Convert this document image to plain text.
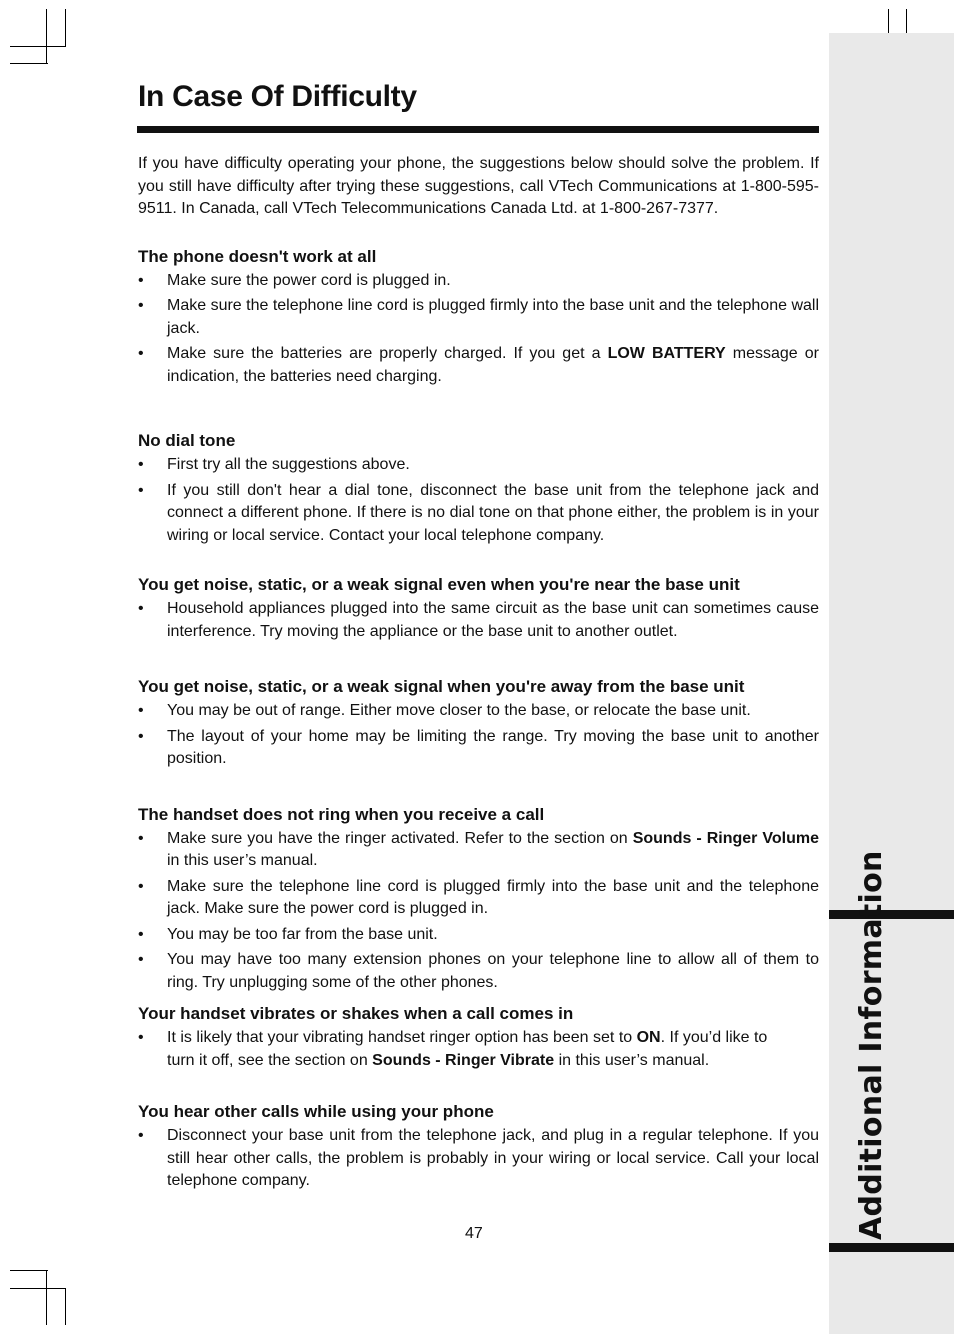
Additional Information
In Case Of Difficulty

If you have difficulty operating your phone, the suggestions below should solve the problem. If you still have difficulty after trying these suggestions, call VTech Communications at 1-800-595-9511. In Canada, call VTech Telecommunications Canada Ltd. at 1-800-267-7377.

The phone doesn't work at all
• Make sure the power cord is plugged in.
• Make sure the telephone line cord is plugged firmly into the base unit and the telephone wall jack.
• Make sure the batteries are properly charged. If you get a LOW BATTERY message or indication, the batteries need charging.
No dial tone
• First try all the suggestions above.
• If you still don't hear a dial tone, disconnect the base unit from the telephone jack and connect a different phone. If there is no dial tone on that phone either, the problem is in your wiring or local service. Contact your local telephone company.
You get noise, static, or a weak signal even when you're near the base unit
• Household appliances plugged into the same circuit as the base unit can sometimes cause interference. Try moving the appliance or the base unit to another outlet.
You get noise, static, or a weak signal when you're away from the base unit
• You may be out of range. Either move closer to the base, or relocate the base unit.
• The layout of your home may be limiting the range. Try moving the base unit to another position.
The handset does not ring when you receive a call
• Make sure you have the ringer activated. Refer to the section on Sounds - Ringer Volume in this user’s manual.
• Make sure the telephone line cord is plugged firmly into the base unit and the telephone jack. Make sure the power cord is plugged in.
• You may be too far from the base unit.
• You may have too many extension phones on your telephone line to allow all of them to ring. Try unplugging some of the other phones.
Your handset vibrates or shakes when a call comes in
• It is likely that your vibrating handset ringer option has been set to ON. If you’d like to turn it off, see the section on Sounds - Ringer Vibrate in this user’s manual.
You hear other calls while using your phone
• Disconnect your base unit from the telephone jack, and plug in a regular telephone. If you still hear other calls, the problem is probably in your wiring or local service. Call your local telephone company.
47
